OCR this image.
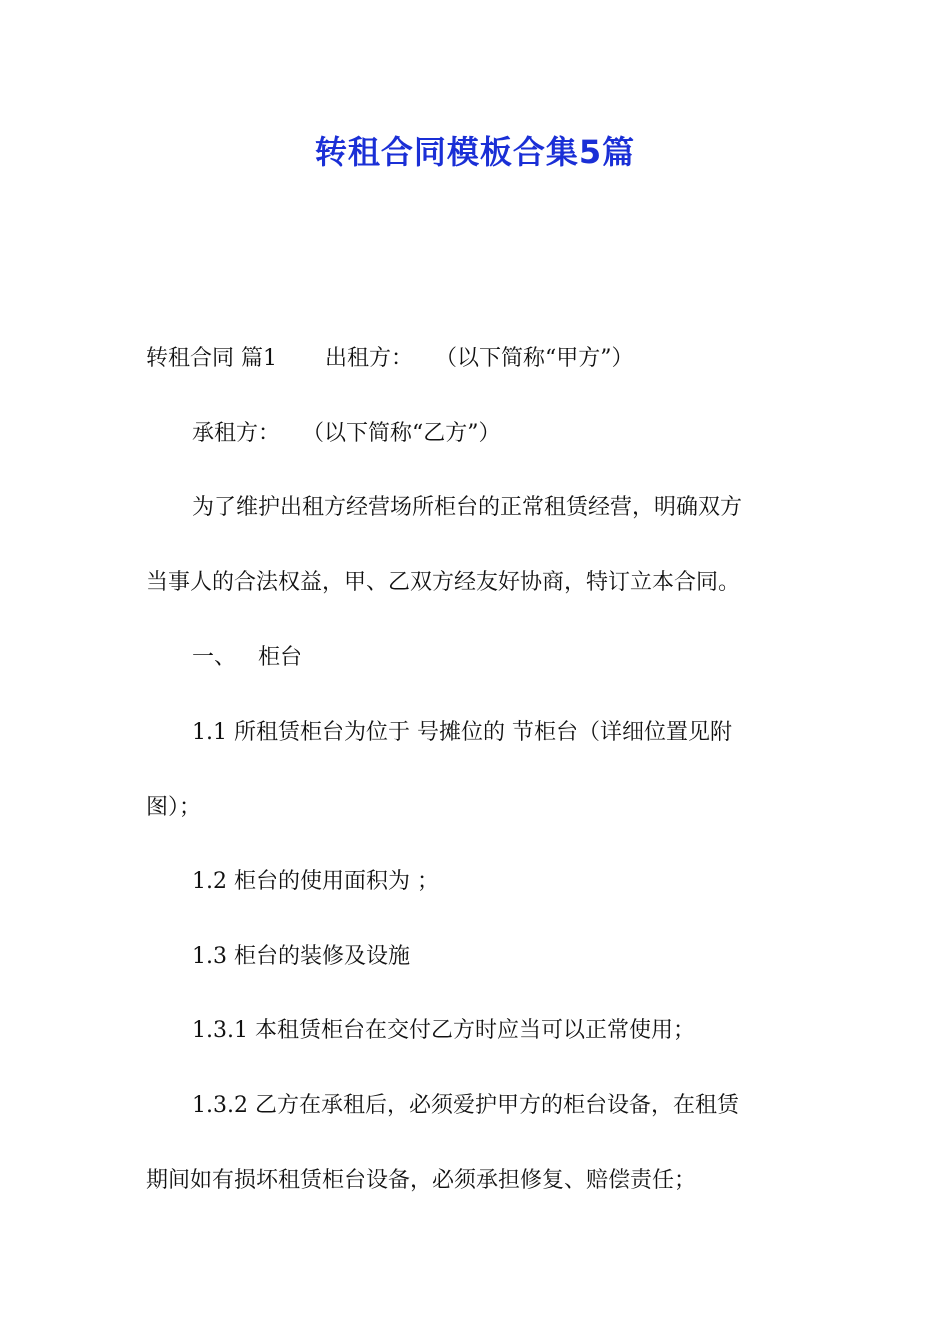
转租合同模板合集5篇

转租合同 篇1 出租方： （以下简称“甲方”）

承租方： （以下简称“乙方”）

为了维护出租方经营场所柜台的正常租赁经营，明确双方

当事人的合法权益，甲、乙双方经友好协商，特订立本合同。

一、 柜台

1.1 所租赁柜台为位于 号摊位的 节柜台（详细位置见附

图）；

1.2 柜台的使用面积为 ；

1.3 柜台的装修及设施

1.3.1 本租赁柜台在交付乙方时应当可以正常使用；

1.3.2 乙方在承租后，必须爱护甲方的柜台设备，在租赁

期间如有损坏租赁柜台设备，必须承担修复、赔偿责任；
